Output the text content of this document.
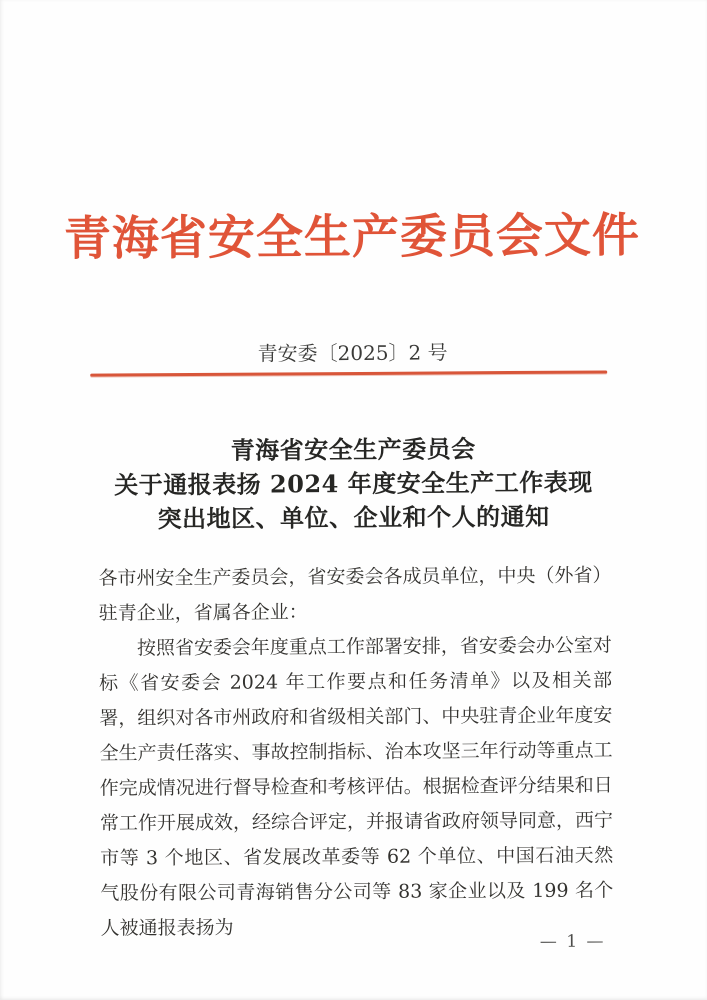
青海省安全生产委员会文件
青安委〔2025〕2 号
青海省安全生产委员会
关于通报表扬 2024 年度安全生产工作表现
突出地区、单位、企业和个人的通知

各市州安全生产委员会，省安委会各成员单位，中央（外省）驻青企业，省属各企业：

按照省安委会年度重点工作部署安排，省安委会办公室对标《省安委会 2024 年工作要点和任务清单》以及相关部署，组织对各市州政府和省级相关部门、中央驻青企业年度安全生产责任落实、事故控制指标、治本攻坚三年行动等重点工作完成情况进行督导检查和考核评估。根据检查评分结果和日常工作开展成效，经综合评定，并报请省政府领导同意，西宁市等 3 个地区、省发展改革委等 62 个单位、中国石油天然气股份有限公司青海销售分公司等 83 家企业以及 199 名个人被通报表扬为

— 1 —
